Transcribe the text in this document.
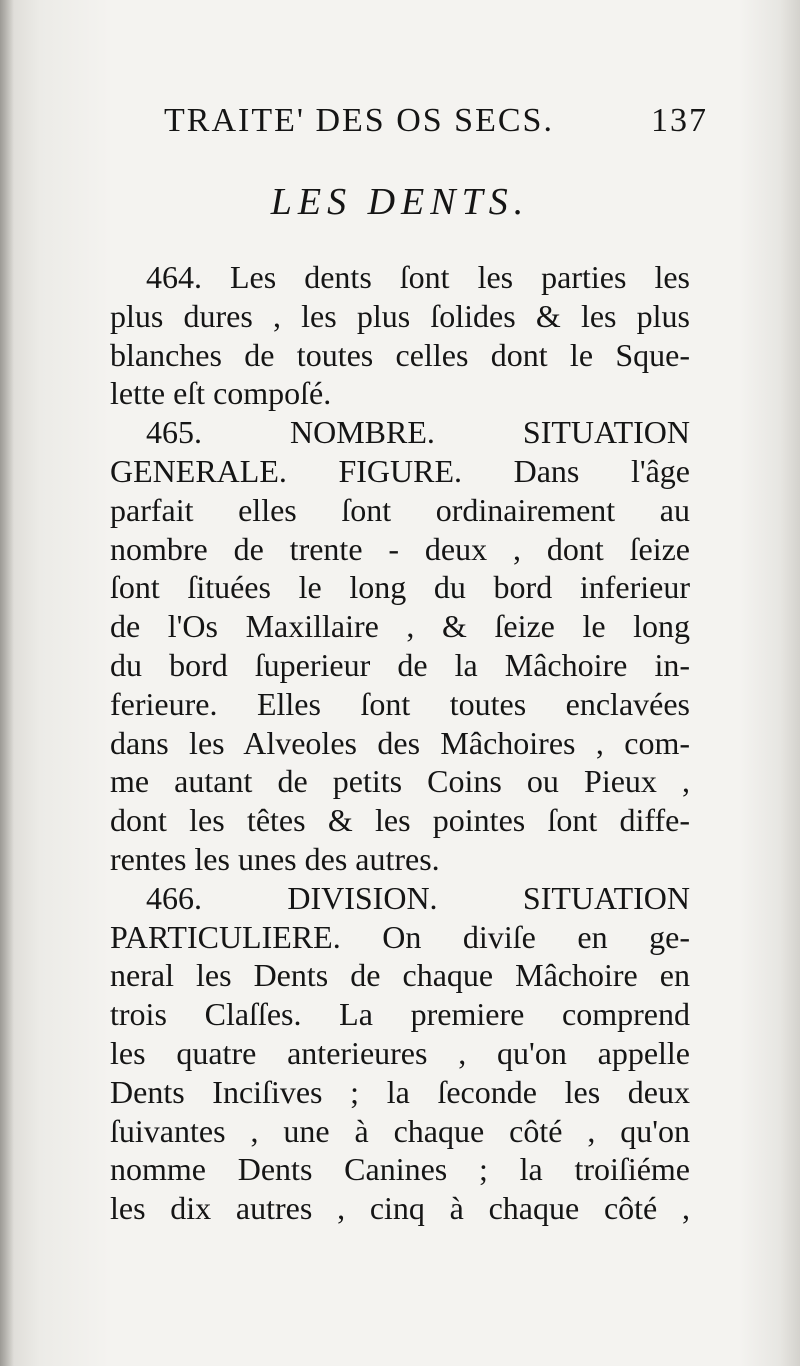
TRAITE' DES OS SECS.	137
LES DENTS.
464. Les dents ſont les parties les
plus dures , les plus ſolides & les plus
blanches de toutes celles dont le Sque-
lette eſt compoſé.
465. NOMBRE. SITUATION
GENERALE. FIGURE. Dans l'âge
parfait elles ſont ordinairement au
nombre de trente - deux , dont ſeize
ſont ſituées le long du bord inferieur
de l'Os Maxillaire , & ſeize le long
du bord ſuperieur de la Mâchoire in-
ferieure. Elles ſont toutes enclavées
dans les Alveoles des Mâchoires , com-
me autant de petits Coins ou Pieux ,
dont les têtes & les pointes ſont diffe-
rentes les unes des autres.
466. DIVISION. SITUATION
PARTICULIERE. On diviſe en ge-
neral les Dents de chaque Mâchoire en
trois Claſſes. La premiere comprend
les quatre anterieures , qu'on appelle
Dents Inciſives ; la ſeconde les deux
ſuivantes , une à chaque côté , qu'on
nomme Dents Canines ; la troiſiéme
les dix autres , cinq à chaque côté ,
